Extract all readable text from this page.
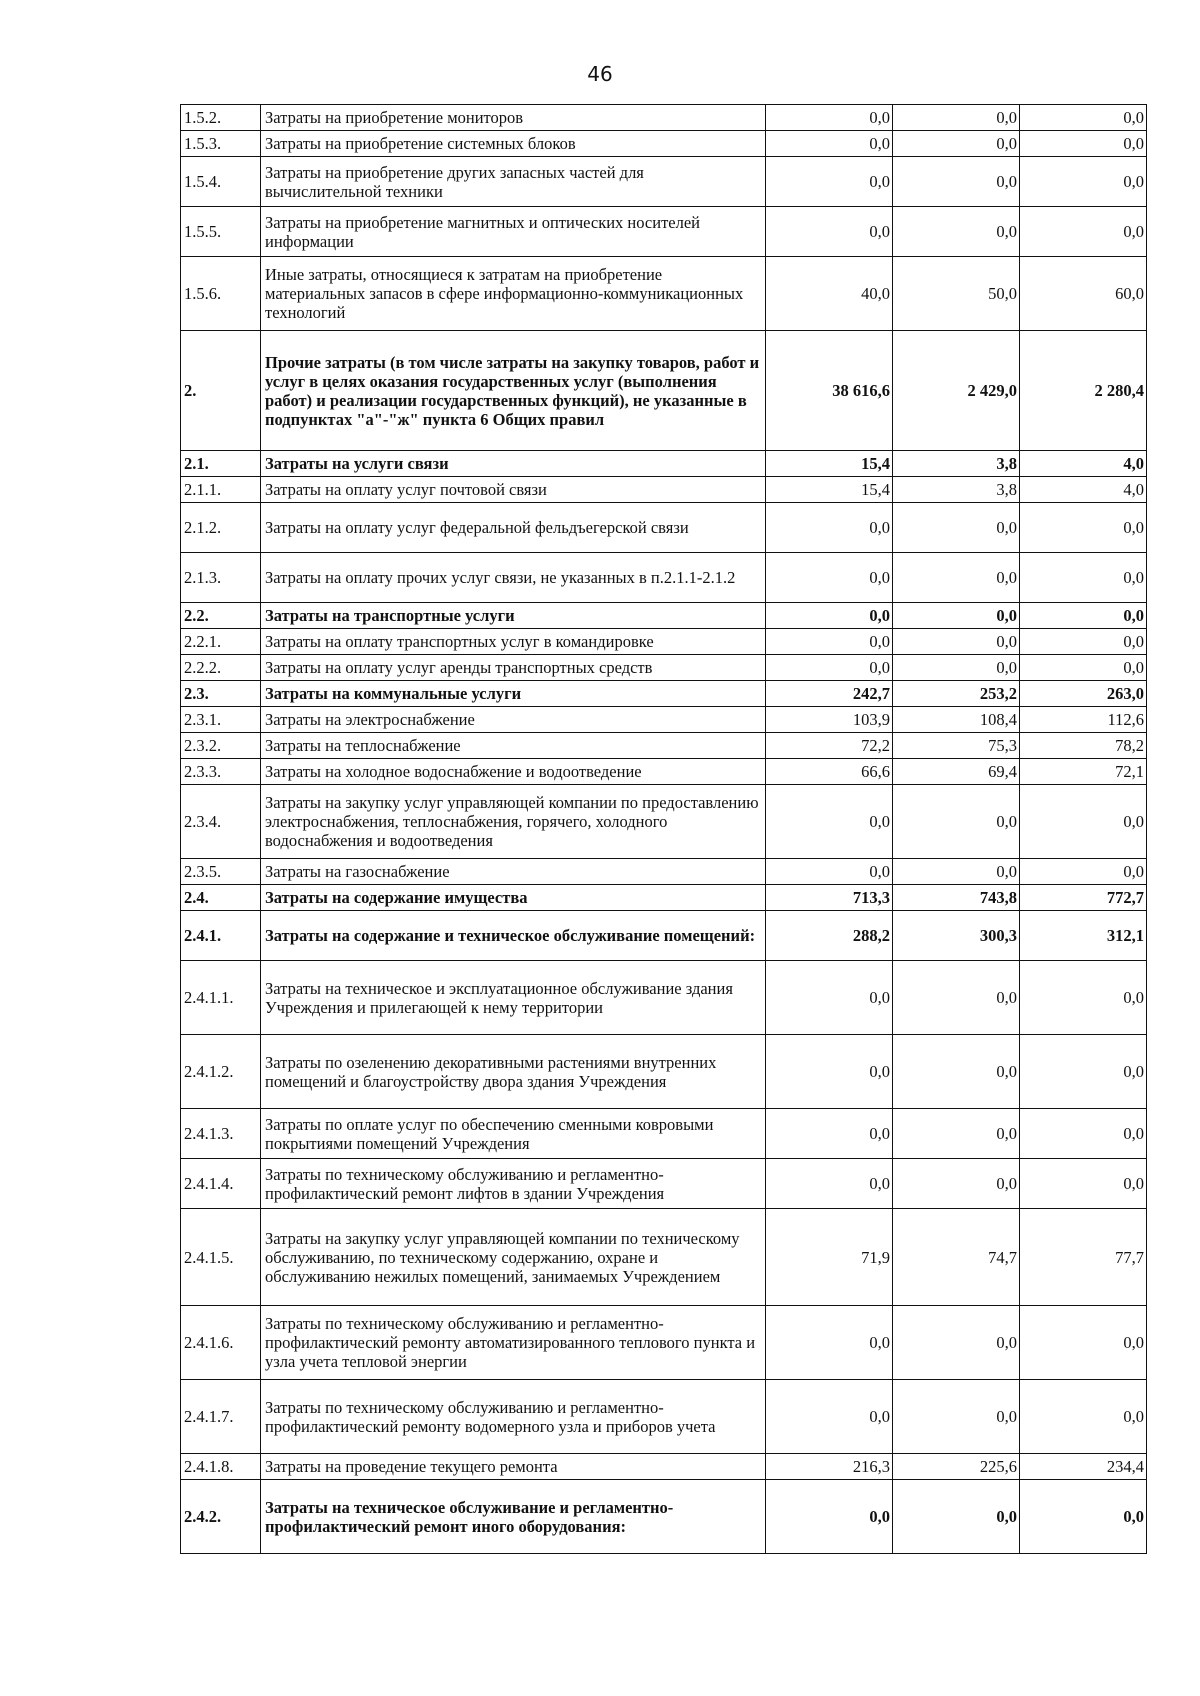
46
1.5.2.	Затраты на приобретение мониторов	0,0	0,0	0,0
1.5.3.	Затраты на приобретение системных блоков	0,0	0,0	0,0
1.5.4.	Затраты на приобретение других запасных частей для вычислительной техники	0,0	0,0	0,0
1.5.5.	Затраты на приобретение магнитных и оптических носителей информации	0,0	0,0	0,0
1.5.6.	Иные затраты, относящиеся к затратам на приобретение материальных запасов в сфере информационно-коммуникационных технологий	40,0	50,0	60,0
2.	Прочие затраты (в том числе затраты на закупку товаров, работ и услуг в целях оказания государственных услуг (выполнения работ) и реализации государственных функций), не указанные в подпунктах "а"-"ж" пункта 6 Общих правил	38 616,6	2 429,0	2 280,4
2.1.	Затраты на услуги связи	15,4	3,8	4,0
2.1.1.	Затраты на оплату услуг почтовой связи	15,4	3,8	4,0
2.1.2.	Затраты на оплату услуг федеральной фельдъегерской связи	0,0	0,0	0,0
2.1.3.	Затраты на оплату прочих услуг связи, не указанных в п.2.1.1-2.1.2	0,0	0,0	0,0
2.2.	Затраты на транспортные услуги	0,0	0,0	0,0
2.2.1.	Затраты на оплату транспортных услуг в командировке	0,0	0,0	0,0
2.2.2.	Затраты на оплату услуг аренды транспортных средств	0,0	0,0	0,0
2.3.	Затраты на коммунальные услуги	242,7	253,2	263,0
2.3.1.	Затраты на электроснабжение	103,9	108,4	112,6
2.3.2.	Затраты на теплоснабжение	72,2	75,3	78,2
2.3.3.	Затраты на холодное водоснабжение и водоотведение	66,6	69,4	72,1
2.3.4.	Затраты на закупку услуг управляющей компании по предоставлению электроснабжения, теплоснабжения, горячего, холодного водоснабжения и водоотведения	0,0	0,0	0,0
2.3.5.	Затраты на газоснабжение	0,0	0,0	0,0
2.4.	Затраты на содержание имущества	713,3	743,8	772,7
2.4.1.	Затраты на содержание и техническое обслуживание помещений:	288,2	300,3	312,1
2.4.1.1.	Затраты на техническое и эксплуатационное обслуживание здания Учреждения и прилегающей к нему территории	0,0	0,0	0,0
2.4.1.2.	Затраты по озеленению декоративными растениями внутренних помещений и благоустройству двора здания Учреждения	0,0	0,0	0,0
2.4.1.3.	Затраты по оплате услуг по обеспечению сменными ковровыми покрытиями помещений Учреждения	0,0	0,0	0,0
2.4.1.4.	Затраты по техническому обслуживанию и регламентно-профилактический ремонт лифтов в здании Учреждения	0,0	0,0	0,0
2.4.1.5.	Затраты на закупку услуг управляющей компании по техническому обслуживанию, по техническому содержанию, охране и обслуживанию нежилых помещений, занимаемых Учреждением	71,9	74,7	77,7
2.4.1.6.	Затраты по техническому обслуживанию и регламентно-профилактический ремонту автоматизированного теплового пункта и узла учета тепловой энергии	0,0	0,0	0,0
2.4.1.7.	Затраты по техническому обслуживанию и регламентно-профилактический ремонту водомерного узла и приборов учета	0,0	0,0	0,0
2.4.1.8.	Затраты на проведение текущего ремонта	216,3	225,6	234,4
2.4.2.	Затраты на техническое обслуживание и регламентно-профилактический ремонт иного оборудования:	0,0	0,0	0,0
